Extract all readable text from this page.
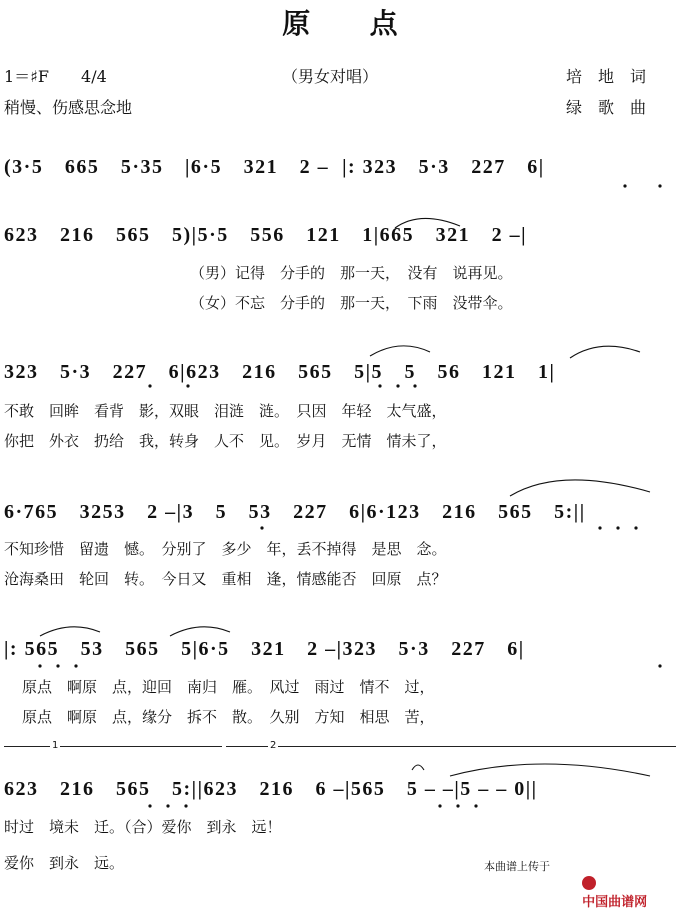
原　　点
1＝♯F　　4/4	（男女对唱）	培　地　词
稍慢、伤感思念地	绿　歌　曲
(3·5　665　5·35　|6·5　321　2 –  |: 323　5·3　227　6|
623　216　565　5)|5·5　556　121　1|665　321　2 –|
（男）记得　分手的　那一天，　没有　说再见。
（女）不忘　分手的　那一天，　下雨　没带伞。
323　5·3　227　6|623　216　565　5|5　5　56　121　1|
不敢　回眸　看背　影，双眼　泪涟　涟。　只因　年轻　太气盛，
你把　外衣　扔给　我，转身　人不　见。　岁月　无情　情未了，
6·765　3253　2 –|3　5　53　227　6|6·123　216　565　5:||
不知珍惜　留遗　憾。　分别了　多少　年，丢不掉得　是思　念。
沧海桑田　轮回　转。　今日又　重相　逢，情感能否　回原　点？
|: 565　53　565　5|6·5　321　2 –|323　5·3　227　6|
原点　啊原　点，迎回　南归　雁。　风过　雨过　情不　过，
原点　啊原　点，缘分　拆不　散。　久别　方知　相思　苦，
1	2
623　216　565　5:||623　216　6 –|565　5 – –|5 – – 0||
时过　境未　迁。（合）爱你　到永　远！
爱你　到永　远。	本曲谱上传于

中国曲谱网
